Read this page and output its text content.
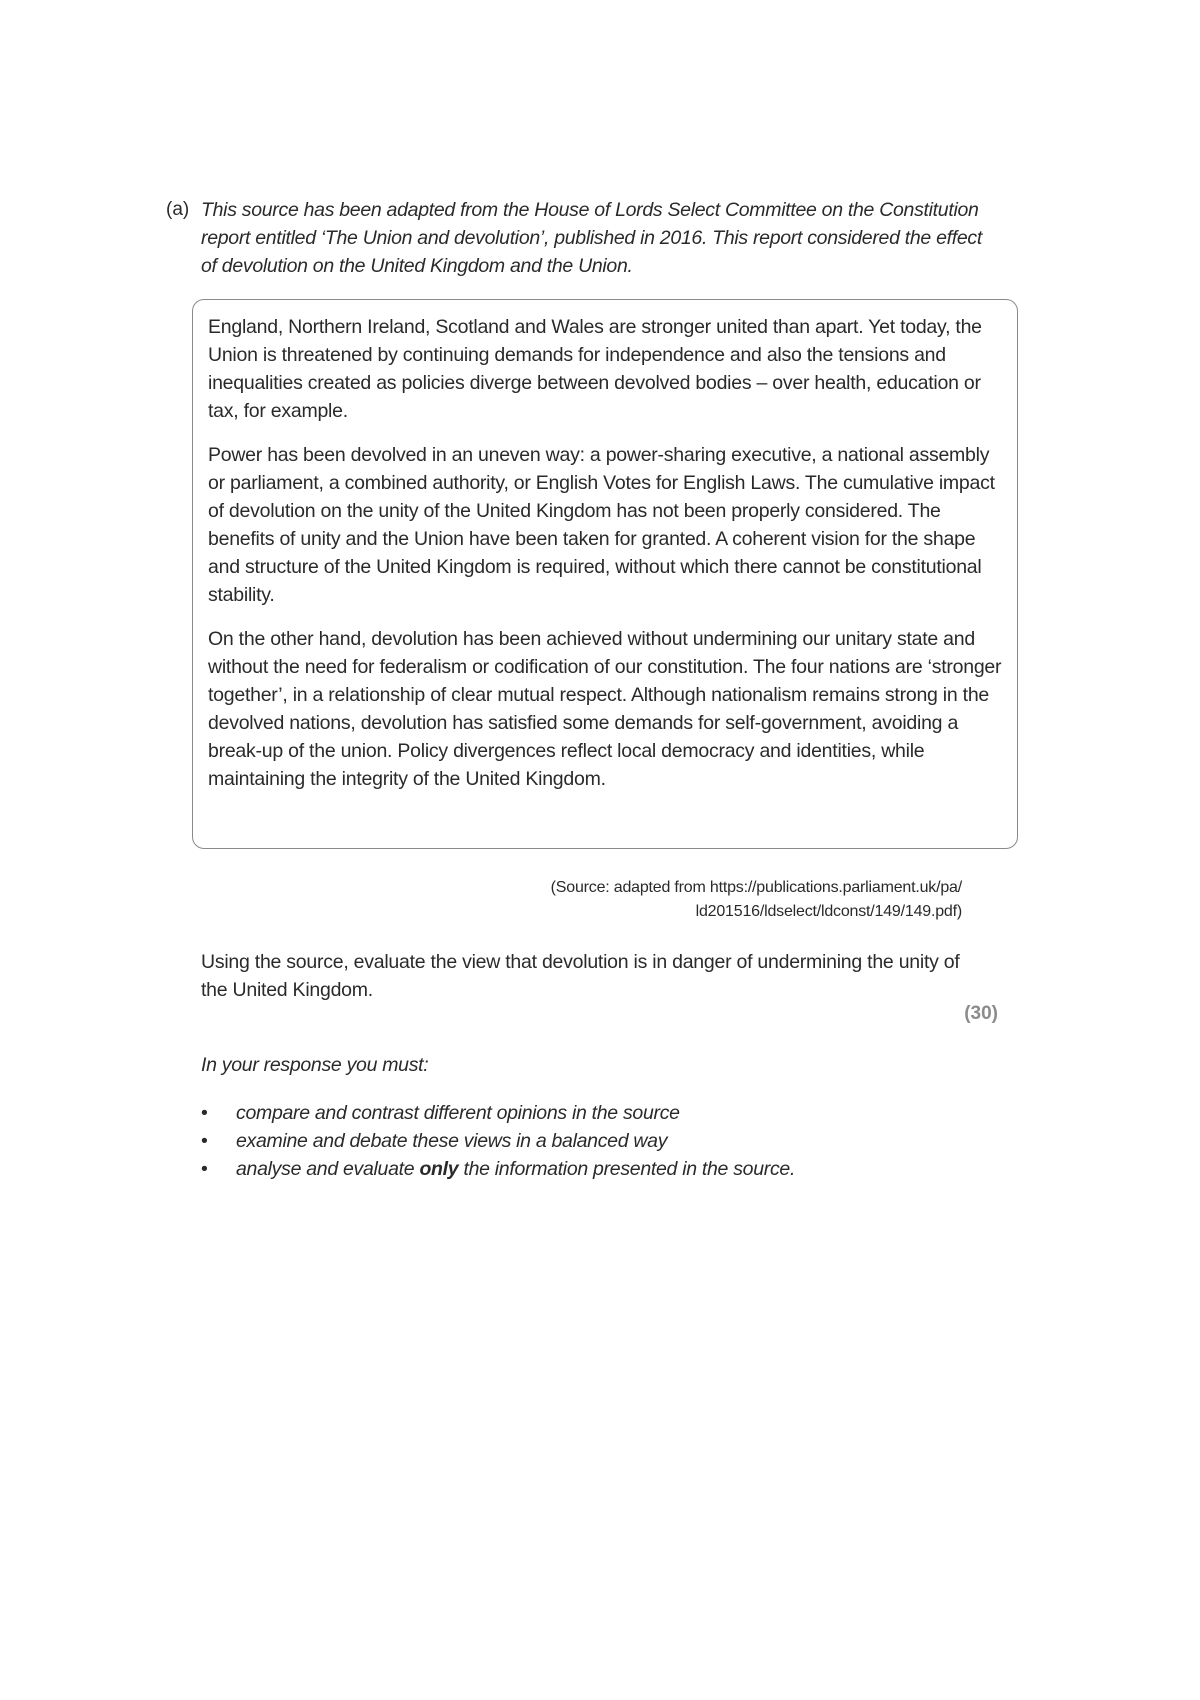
(a) This source has been adapted from the House of Lords Select Committee on the Constitution report entitled ‘The Union and devolution’, published in 2016. This report considered the effect of devolution on the United Kingdom and the Union.

England, Northern Ireland, Scotland and Wales are stronger united than apart. Yet today, the Union is threatened by continuing demands for independence and also the tensions and inequalities created as policies diverge between devolved bodies – over health, education or tax, for example.

Power has been devolved in an uneven way: a power-sharing executive, a national assembly or parliament, a combined authority, or English Votes for English Laws. The cumulative impact of devolution on the unity of the United Kingdom has not been properly considered. The benefits of unity and the Union have been taken for granted. A coherent vision for the shape and structure of the United Kingdom is required, without which there cannot be constitutional stability.

On the other hand, devolution has been achieved without undermining our unitary state and without the need for federalism or codification of our constitution. The four nations are ‘stronger together’, in a relationship of clear mutual respect. Although nationalism remains strong in the devolved nations, devolution has satisfied some demands for self-government, avoiding a break-up of the union. Policy divergences reflect local democracy and identities, while maintaining the integrity of the United Kingdom.

(Source: adapted from https://publications.parliament.uk/pa/
ld201516/ldselect/ldconst/149/149.pdf)
Using the source, evaluate the view that devolution is in danger of undermining the unity of the United Kingdom.
(30)
In your response you must:
• compare and contrast different opinions in the source
• examine and debate these views in a balanced way
• analyse and evaluate only the information presented in the source.
